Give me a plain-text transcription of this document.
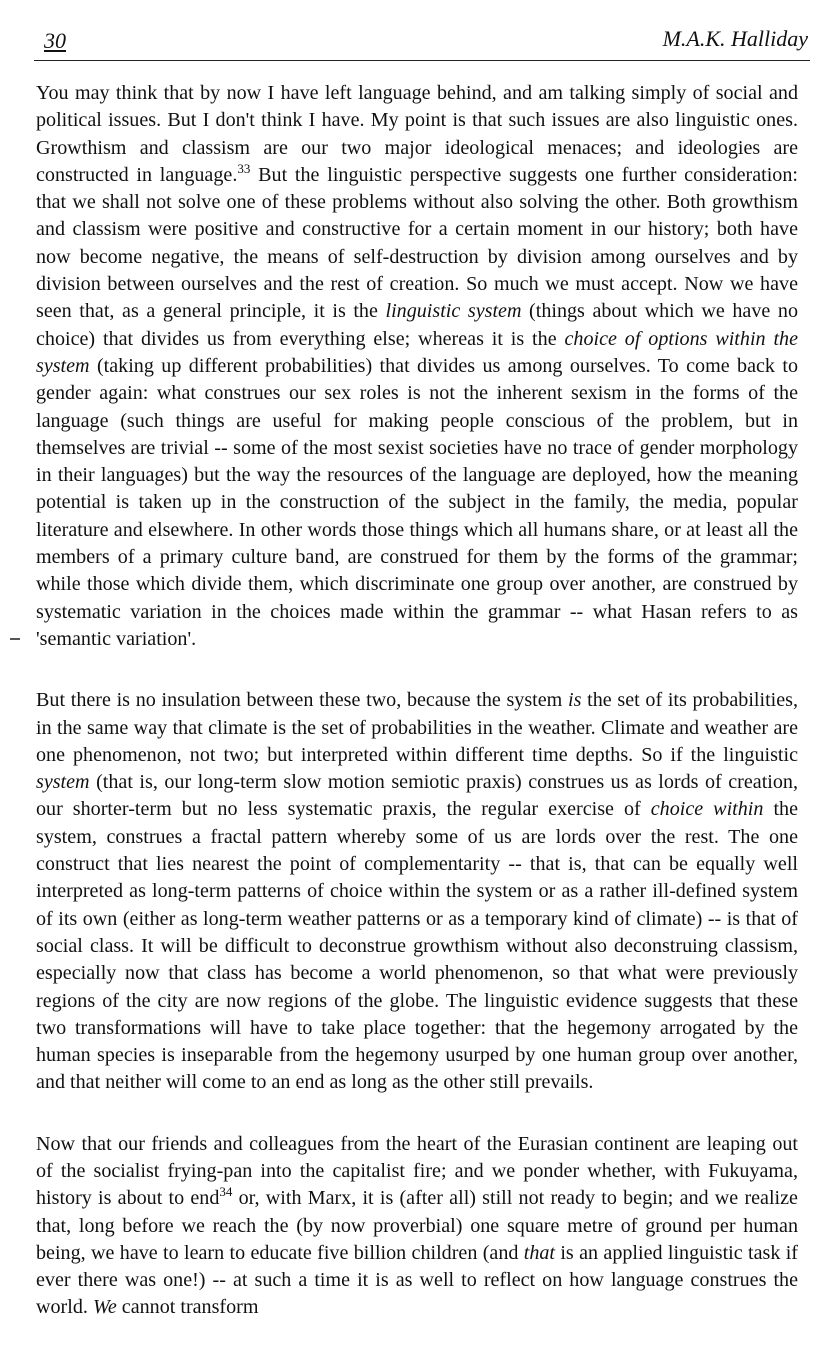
30	M.A.K. Halliday

You may think that by now I have left language behind, and am talking simply of social and political issues. But I don't think I have. My point is that such issues are also linguistic ones. Growthism and classism are our two major ideological menaces; and ideologies are constructed in language.$^{33}$ But the linguistic perspective suggests one further consideration: that we shall not solve one of these problems without also solving the other. Both growthism and classism were positive and constructive for a certain moment in our history; both have now become negative, the means of self-destruction by division among ourselves and by division between ourselves and the rest of creation. So much we must accept. Now we have seen that, as a general principle, it is the linguistic system (things about which we have no choice) that divides us from everything else; whereas it is the choice of options within the system (taking up different probabilities) that divides us among ourselves. To come back to gender again: what construes our sex roles is not the inherent sexism in the forms of the language (such things are useful for making people conscious of the problem, but in themselves are trivial -- some of the most sexist societies have no trace of gender morphology in their languages) but the way the resources of the language are deployed, how the meaning potential is taken up in the construction of the subject in the family, the media, popular literature and elsewhere. In other words those things which all humans share, or at least all the members of a primary culture band, are construed for them by the forms of the grammar; while those which divide them, which discriminate one group over another, are construed by systematic variation in the choices made within the grammar -- what Hasan refers to as 'semantic variation'.

But there is no insulation between these two, because the system is the set of its probabilities, in the same way that climate is the set of probabilities in the weather. Climate and weather are one phenomenon, not two; but interpreted within different time depths. So if the linguistic system (that is, our long-term slow motion semiotic praxis) construes us as lords of creation, our shorter-term but no less systematic praxis, the regular exercise of choice within the system, construes a fractal pattern whereby some of us are lords over the rest. The one construct that lies nearest the point of complementarity -- that is, that can be equally well interpreted as long-term patterns of choice within the system or as a rather ill-defined system of its own (either as long-term weather patterns or as a temporary kind of climate) -- is that of social class. It will be difficult to deconstrue growthism without also deconstruing classism, especially now that class has become a world phenomenon, so that what were previously regions of the city are now regions of the globe. The linguistic evidence suggests that these two transformations will have to take place together: that the hegemony arrogated by the human species is inseparable from the hegemony usurped by one human group over another, and that neither will come to an end as long as the other still prevails.

Now that our friends and colleagues from the heart of the Eurasian continent are leaping out of the socialist frying-pan into the capitalist fire; and we ponder whether, with Fukuyama, history is about to end$^{34}$ or, with Marx, it is (after all) still not ready to begin; and we realize that, long before we reach the (by now proverbial) one square metre of ground per human being, we have to learn to educate five billion children (and that is an applied linguistic task if ever there was one!) -- at such a time it is as well to reflect on how language construes the world. We cannot transform
